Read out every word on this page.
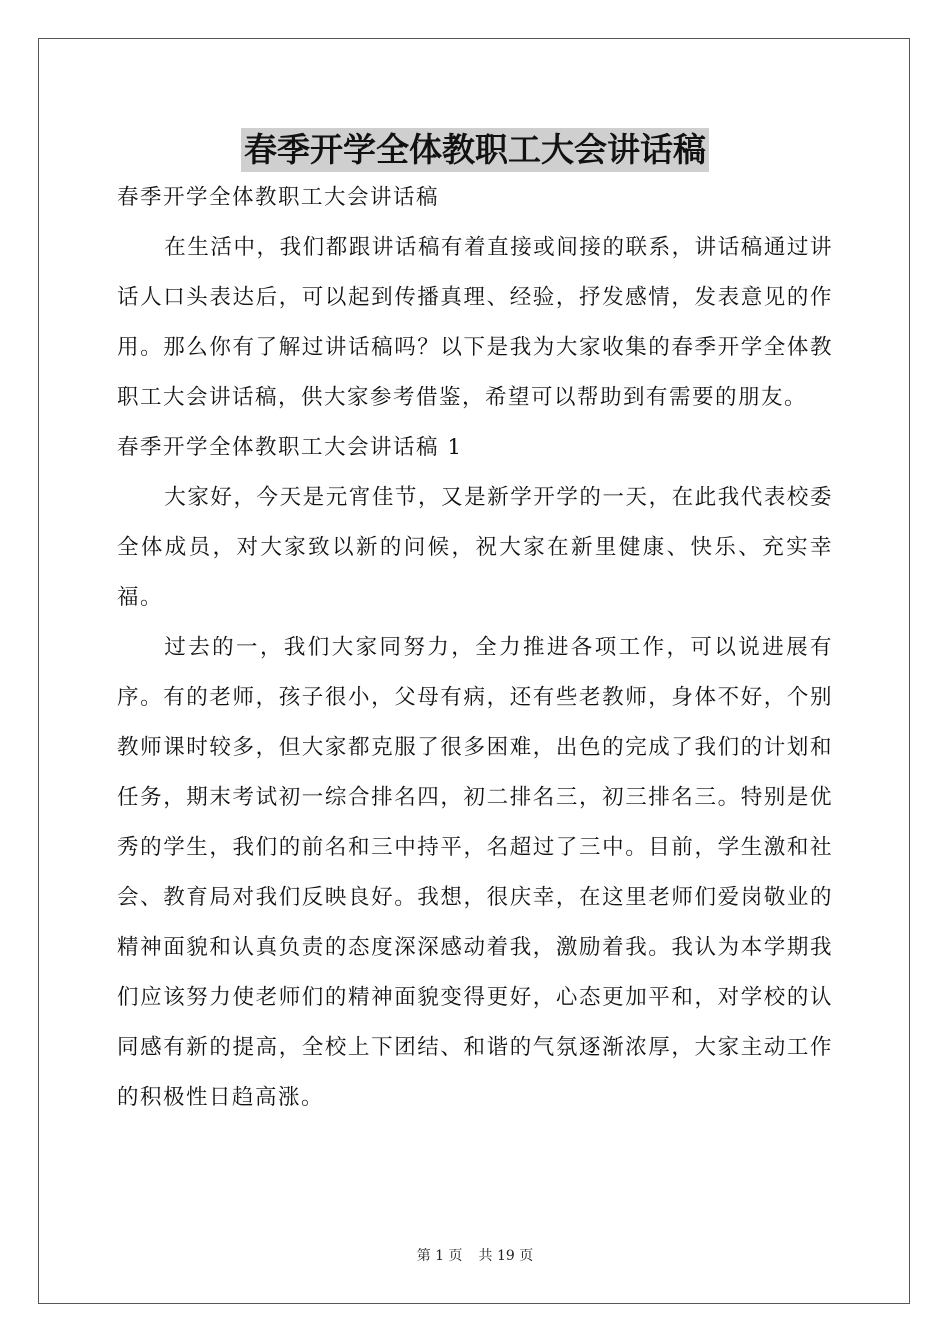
春季开学全体教职工大会讲话稿

春季开学全体教职工大会讲话稿

在生活中，我们都跟讲话稿有着直接或间接的联系，讲话稿通过讲话人口头表达后，可以起到传播真理、经验，抒发感情，发表意见的作用。那么你有了解过讲话稿吗？以下是我为大家收集的春季开学全体教职工大会讲话稿，供大家参考借鉴，希望可以帮助到有需要的朋友。

春季开学全体教职工大会讲话稿 1

大家好，今天是元宵佳节，又是新学开学的一天，在此我代表校委全体成员，对大家致以新的问候，祝大家在新里健康、快乐、充实幸福。

过去的一，我们大家同努力，全力推进各项工作，可以说进展有序。有的老师，孩子很小，父母有病，还有些老教师，身体不好，个别教师课时较多，但大家都克服了很多困难，出色的完成了我们的计划和任务，期末考试初一综合排名四，初二排名三，初三排名三。特别是优秀的学生，我们的前名和三中持平，名超过了三中。目前，学生激和社会、教育局对我们反映良好。我想，很庆幸，在这里老师们爱岗敬业的精神面貌和认真负责的态度深深感动着我，激励着我。我认为本学期我们应该努力使老师们的精神面貌变得更好，心态更加平和，对学校的认同感有新的提高，全校上下团结、和谐的气氛逐渐浓厚，大家主动工作的积极性日趋高涨。

第 1 页 共 19 页
